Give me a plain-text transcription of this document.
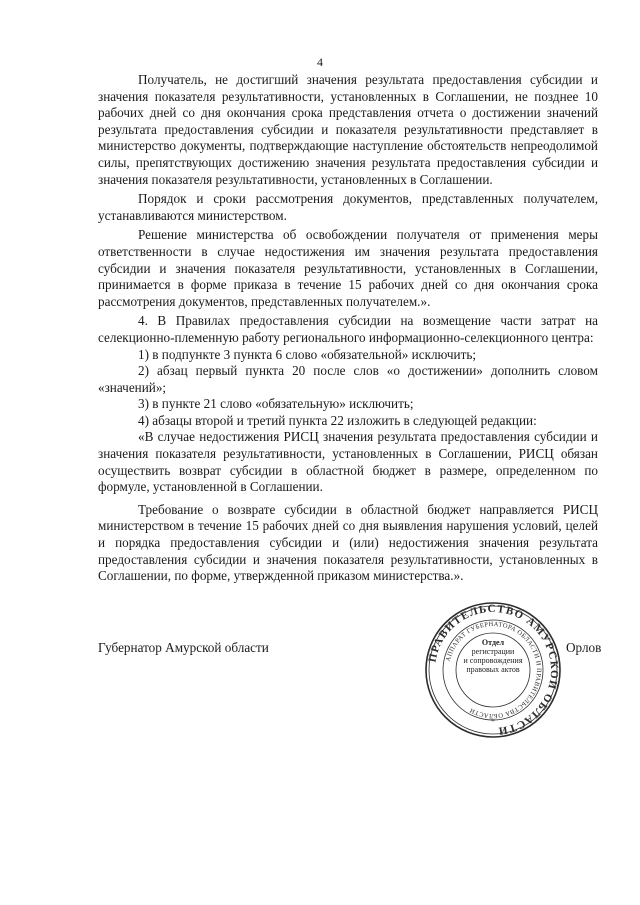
4

Получатель, не достигший значения результата предоставления субсидии и значения показателя результативности, установленных в Соглашении, не позднее 10 рабочих дней со дня окончания срока представления отчета о достижении значений результата предоставления субсидии и показателя результативности представляет в министерство документы, подтверждающие наступление обстоятельств непреодолимой силы, препятствующих достижению значения результата предоставления субсидии и значения показателя результативности, установленных в Соглашении.

Порядок и сроки рассмотрения документов, представленных получателем, устанавливаются министерством.

Решение министерства об освобождении получателя от применения меры ответственности в случае недостижения им значения результата предоставления субсидии и значения показателя результативности, установленных в Соглашении, принимается в форме приказа в течение 15 рабочих дней со дня окончания срока рассмотрения документов, представленных получателем.».

4. В Правилах предоставления субсидии на возмещение части затрат на селекционно-племенную работу регионального информационно-селекционного центра:

1) в подпункте 3 пункта 6 слово «обязательной» исключить;

2) абзац первый пункта 20 после слов «о достижении» дополнить словом «значений»;

3) в пункте 21 слово «обязательную» исключить;

4) абзацы второй и третий пункта 22 изложить в следующей редакции:

«В случае недостижения РИСЦ значения результата предоставления субсидии и значения показателя результативности, установленных в Соглашении, РИСЦ обязан осуществить возврат субсидии в областной бюджет в размере, определенном по формуле, установленной в Соглашении.

Требование о возврате субсидии в областной бюджет направляется РИСЦ министерством в течение 15 рабочих дней со дня выявления нарушения условий, целей и порядка предоставления субсидии и (или) недостижения значения результата предоставления субсидии и значения показателя результативности, установленных в Соглашении, по форме, утвержденной приказом министерства.».

Губернатор Амурской области
ПРАВИТЕЛЬСТВО АМУРСКОЙ ОБЛАСТИ
АППАРАТ ГУБЕРНАТОРА ОБЛАСТИ И ПРАВИТЕЛЬСТВА ОБЛАСТИ
*
Отдел
регистрации
и сопровождения
правовых актов
Орлов
